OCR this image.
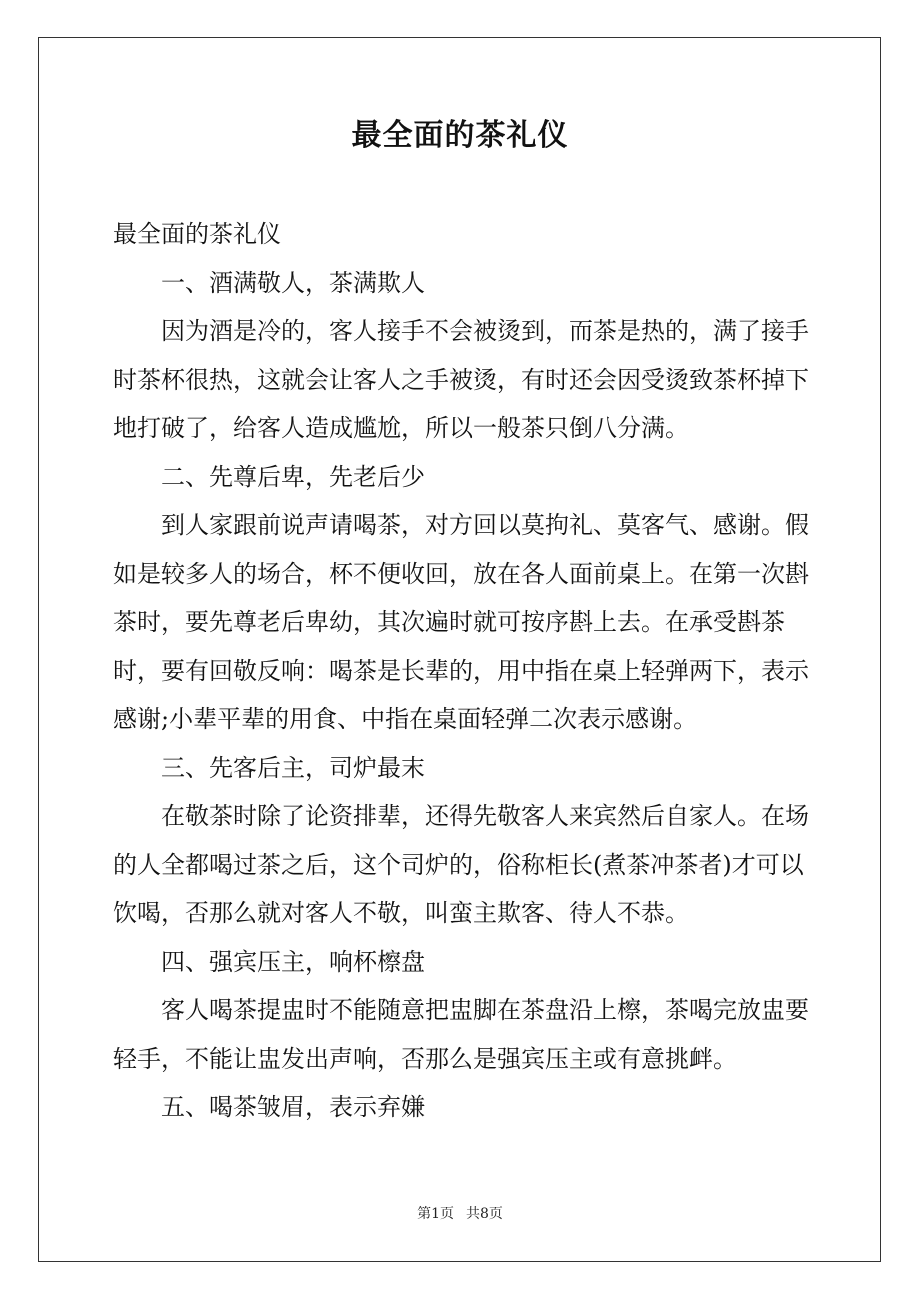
最全面的茶礼仪

最全面的茶礼仪

一、酒满敬人，茶满欺人

因为酒是冷的，客人接手不会被烫到，而茶是热的，满了接手时茶杯很热，这就会让客人之手被烫，有时还会因受烫致茶杯掉下地打破了，给客人造成尴尬，所以一般茶只倒八分满。

二、先尊后卑，先老后少

到人家跟前说声请喝茶，对方回以莫拘礼、莫客气、感谢。假如是较多人的场合，杯不便收回，放在各人面前桌上。在第一次斟茶时，要先尊老后卑幼，其次遍时就可按序斟上去。在承受斟茶时，要有回敬反响：喝茶是长辈的，用中指在桌上轻弹两下，表示感谢;小辈平辈的用食、中指在桌面轻弹二次表示感谢。

三、先客后主，司炉最末

在敬茶时除了论资排辈，还得先敬客人来宾然后自家人。在场的人全都喝过茶之后，这个司炉的，俗称柜长(煮茶冲茶者)才可以饮喝，否那么就对客人不敬，叫蛮主欺客、待人不恭。

四、强宾压主，响杯檫盘

客人喝茶提盅时不能随意把盅脚在茶盘沿上檫，茶喝完放盅要轻手，不能让盅发出声响，否那么是强宾压主或有意挑衅。

五、喝茶皱眉，表示弃嫌

第1页 共8页
